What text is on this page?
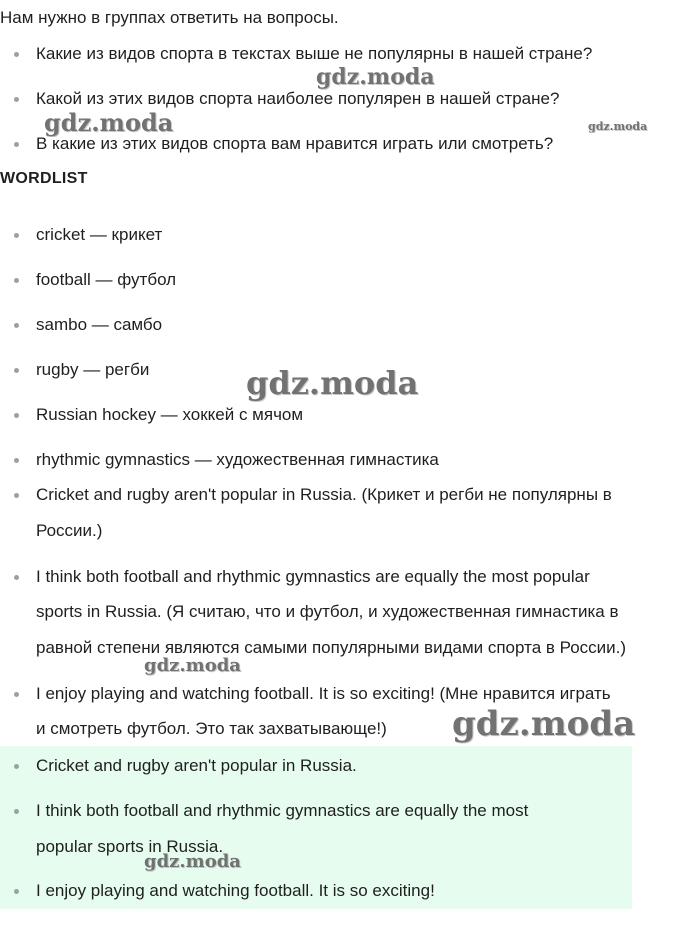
Нам нужно в группах ответить на вопросы.
Какие из видов спорта в текстах выше не популярны в нашей стране?
Какой из этих видов спорта наиболее популярен в нашей стране?
В какие из этих видов спорта вам нравится играть или смотреть?
WORDLIST
cricket — крикет
football — футбол
sambo — самбо
rugby — регби
Russian hockey — хоккей с мячом
rhythmic gymnastics — художественная гимнастика
Cricket and rugby aren't popular in Russia. (Крикет и регби не популярны в
России.)
I think both football and rhythmic gymnastics are equally the most popular
sports in Russia. (Я считаю, что и футбол, и художественная гимнастика в
равной степени являются самыми популярными видами спорта в России.)
I enjoy playing and watching football. It is so exciting! (Мне нравится играть
и смотреть футбол. Это так захватывающе!)
Cricket and rugby aren't popular in Russia.
I think both football and rhythmic gymnastics are equally the most
popular sports in Russia.
I enjoy playing and watching football. It is so exciting!
gdz.moda
gdz.moda	gdz.moda
gdz.moda
gdz.moda
gdz.moda
gdz.moda
